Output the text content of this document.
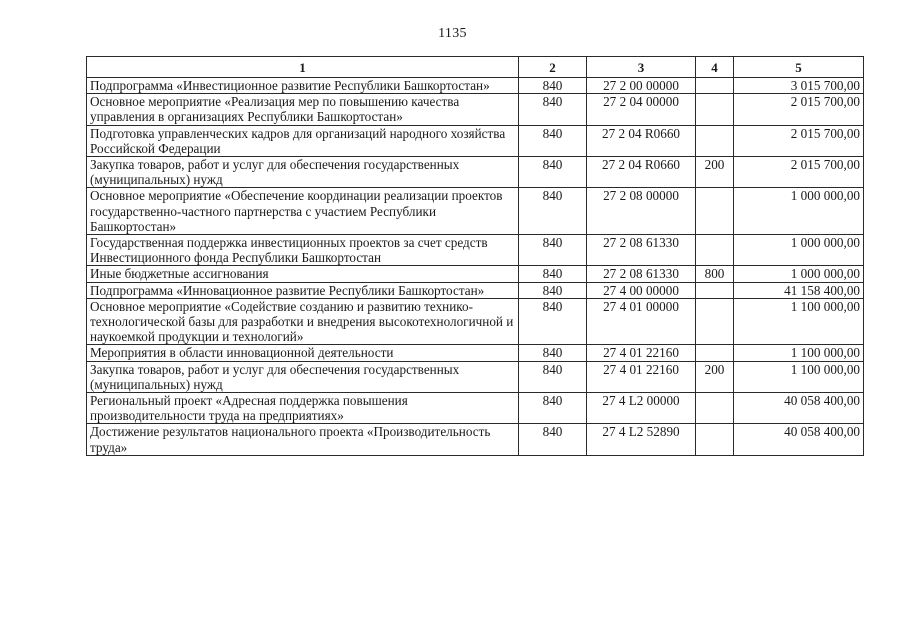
1135
1	2	3	4	5
Подпрограмма «Инвестиционное развитие Республики Башкортостан»	840	27 2 00 00000		3 015 700,00
Основное мероприятие «Реализация мер по повышению качества управления в организациях Республики Башкортостан»	840	27 2 04 00000		2 015 700,00
Подготовка управленческих кадров для организаций народного хозяйства Российской Федерации	840	27 2 04 R0660		2 015 700,00
Закупка товаров, работ и услуг для обеспечения государственных (муниципальных) нужд	840	27 2 04 R0660	200	2 015 700,00
Основное мероприятие «Обеспечение координации реализации проектов государственно-частного партнерства с участием Республики Башкортостан»	840	27 2 08 00000		1 000 000,00
Государственная поддержка инвестиционных проектов за счет средств Инвестиционного фонда Республики Башкортостан	840	27 2 08 61330		1 000 000,00
Иные бюджетные ассигнования	840	27 2 08 61330	800	1 000 000,00
Подпрограмма «Инновационное развитие Республики Башкортостан»	840	27 4 00 00000		41 158 400,00
Основное мероприятие «Содействие созданию и развитию технико-технологической базы для разработки и внедрения высокотехнологичной и наукоемкой продукции и технологий»	840	27 4 01 00000		1 100 000,00
Мероприятия в области инновационной деятельности	840	27 4 01 22160		1 100 000,00
Закупка товаров, работ и услуг для обеспечения государственных (муниципальных) нужд	840	27 4 01 22160	200	1 100 000,00
Региональный проект «Адресная поддержка повышения производительности труда на предприятиях»	840	27 4 L2 00000		40 058 400,00
Достижение результатов национального проекта «Производительность труда»	840	27 4 L2 52890		40 058 400,00
